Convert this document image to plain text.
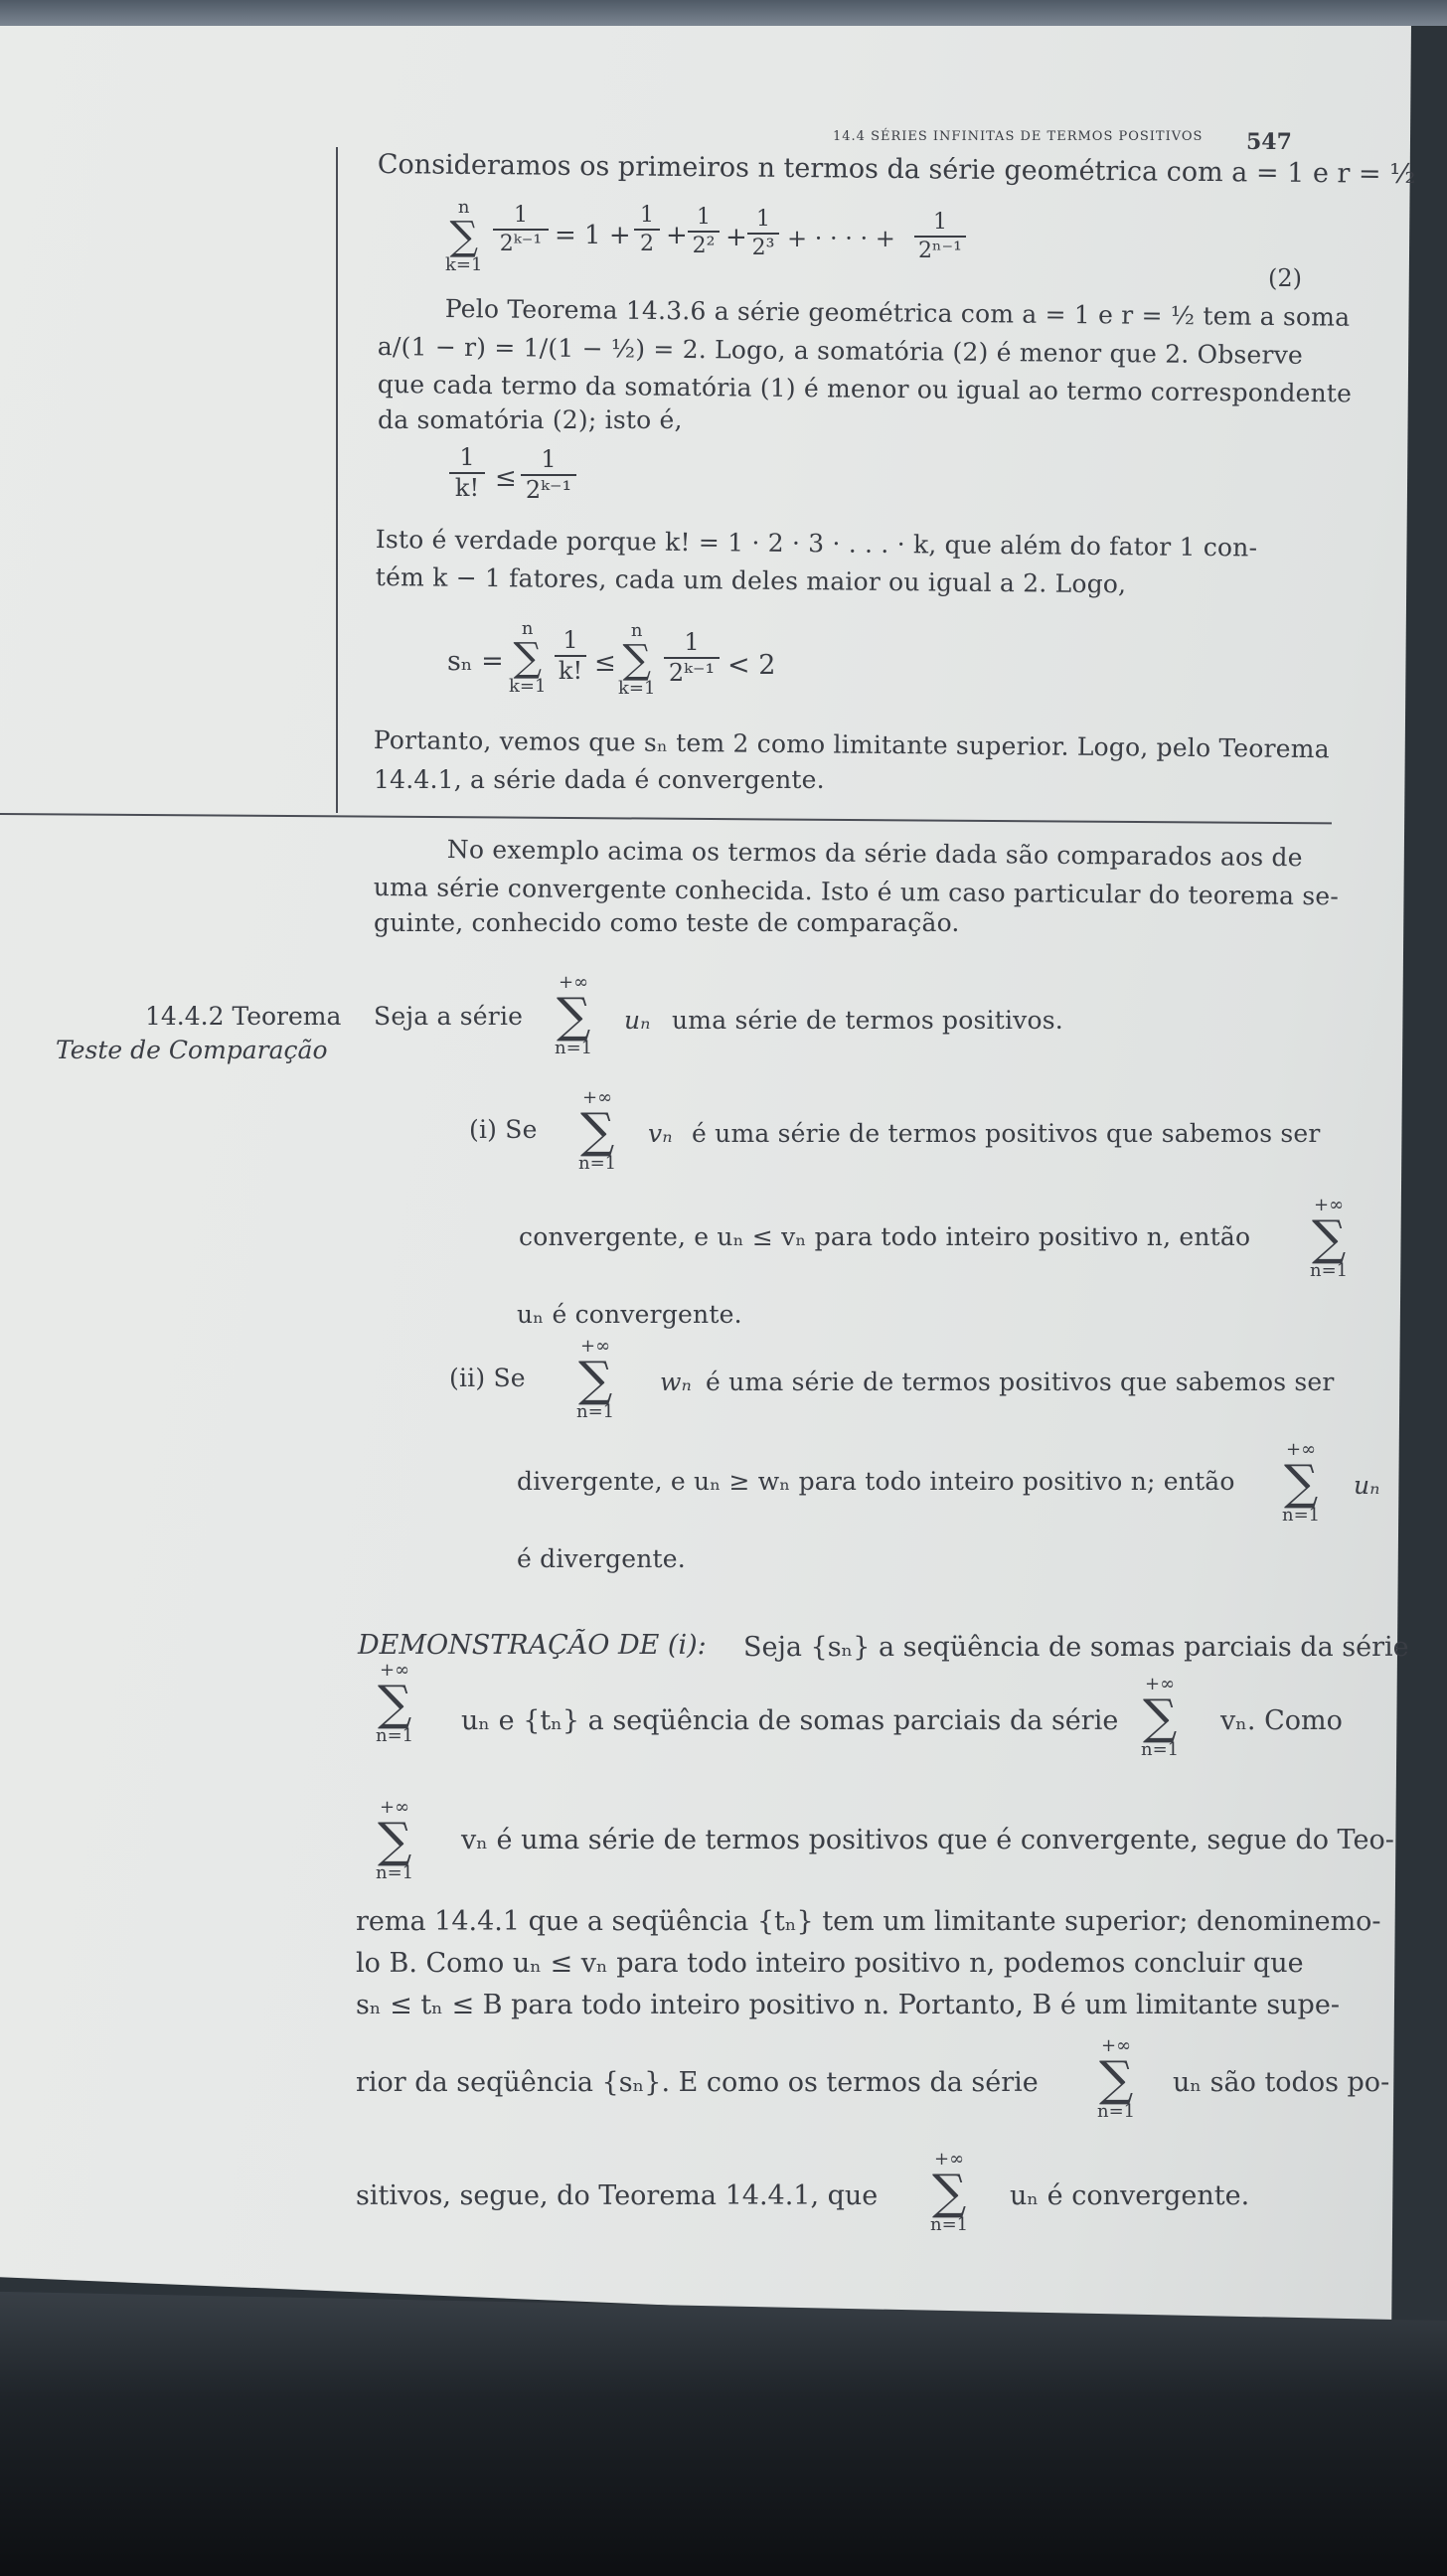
14.4 SÉRIES INFINITAS DE TERMOS POSITIVOS 547
Consideramos os primeiros n termos da série geométrica com a = 1 e r = ½
n
∑
k=1
1
2ᵏ⁻¹ = 1 +
1
2 +
1
2² +
1
2³ + · · · · +
1
2ⁿ⁻¹
(2)
Pelo Teorema 14.3.6 a série geométrica com a = 1 e r = ½ tem a soma
a/(1 − r) = 1/(1 − ½) = 2. Logo, a somatória (2) é menor que 2. Observe
que cada termo da somatória (1) é menor ou igual ao termo correspondente
da somatória (2); isto é,
1
k! ≤
1
2ᵏ⁻¹
Isto é verdade porque k! = 1 · 2 · 3 · . . . · k, que além do fator 1 con-
tém k − 1 fatores, cada um deles maior ou igual a 2. Logo,
sₙ =
n
∑
k=1
1
k! ≤
n
∑
k=1
1
2ᵏ⁻¹ < 2
Portanto, vemos que sₙ tem 2 como limitante superior. Logo, pelo Teorema
14.4.1, a série dada é convergente.
No exemplo acima os termos da série dada são comparados aos de
uma série convergente conhecida. Isto é um caso particular do teorema se-
guinte, conhecido como teste de comparação.
14.4.2 Teorema
Teste de Comparação
Seja a série
+∞
∑
n=1
uₙ uma série de termos positivos.
(i) Se
+∞
∑
n=1
vₙ é uma série de termos positivos que sabemos ser
convergente, e uₙ ≤ vₙ para todo inteiro positivo n, então
+∞
∑
n=1
uₙ é convergente.
(ii) Se
+∞
∑
n=1
wₙ é uma série de termos positivos que sabemos ser
divergente, e uₙ ≥ wₙ para todo inteiro positivo n; então
+∞
∑
n=1
uₙ
é divergente.
DEMONSTRAÇÃO DE (i): Seja {sₙ} a seqüência de somas parciais da série
+∞
∑
n=1 uₙ e {tₙ} a seqüência de somas parciais da série
+∞
∑
n=1
vₙ. Como
+∞
∑
n=1
vₙ é uma série de termos positivos que é convergente, segue do Teo-
rema 14.4.1 que a seqüência {tₙ} tem um limitante superior; denominemo-
lo B. Como uₙ ≤ vₙ para todo inteiro positivo n, podemos concluir que
sₙ ≤ tₙ ≤ B para todo inteiro positivo n. Portanto, B é um limitante supe-
rior da seqüência {sₙ}. E como os termos da série
+∞
∑
n=1
uₙ são todos po-
sitivos, segue, do Teorema 14.4.1, que
+∞
∑
n=1
uₙ é convergente.
